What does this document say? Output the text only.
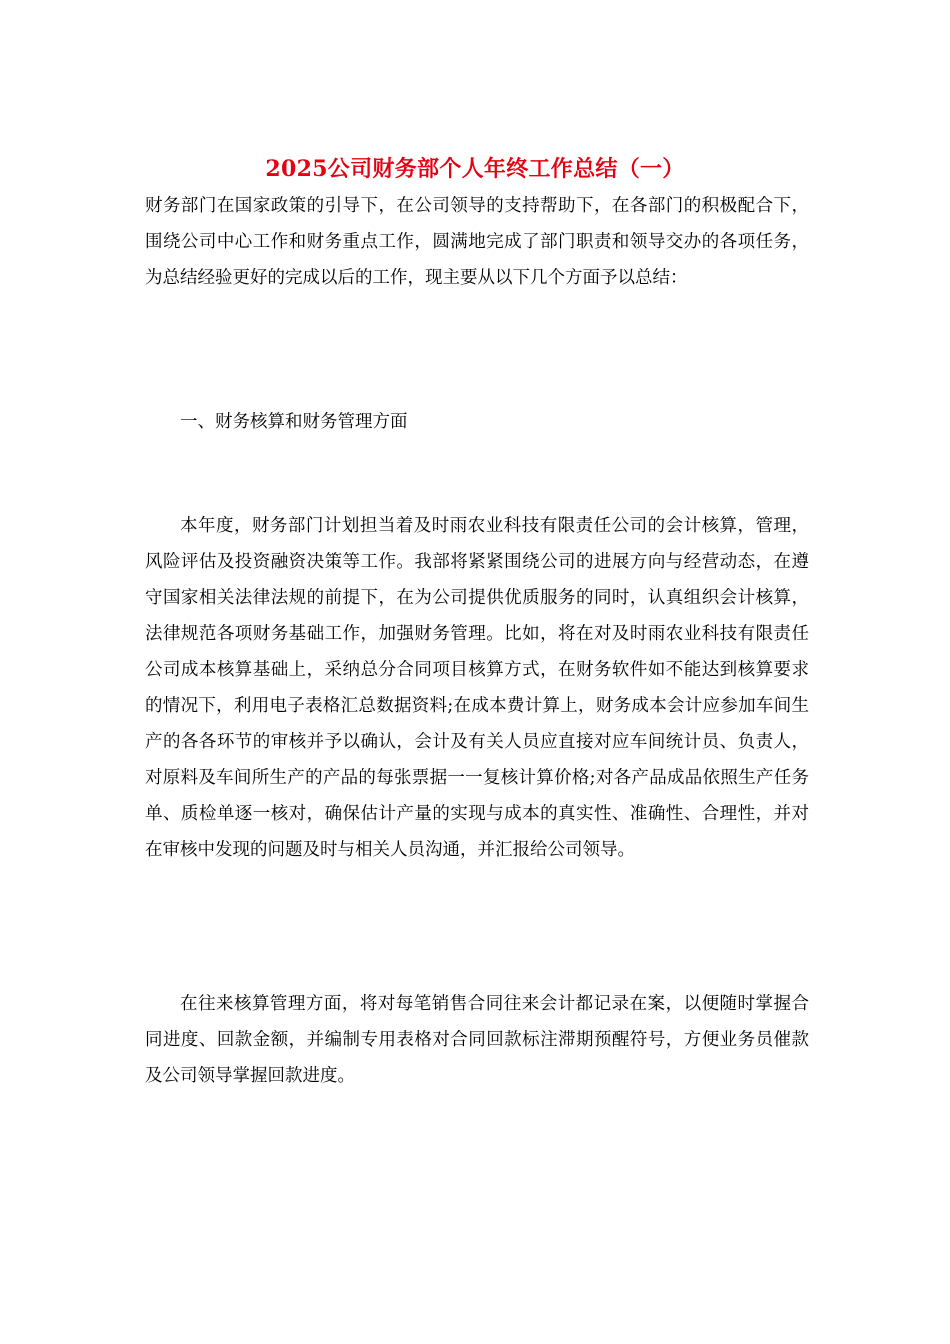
2025公司财务部个人年终工作总结（一）

财务部门在国家政策的引导下，在公司领导的支持帮助下，在各部门的积极配合下，围绕公司中心工作和财务重点工作，圆满地完成了部门职责和领导交办的各项任务，为总结经验更好的完成以后的工作，现主要从以下几个方面予以总结：

一、财务核算和财务管理方面

本年度，财务部门计划担当着及时雨农业科技有限责任公司的会计核算，管理，风险评估及投资融资决策等工作。我部将紧紧围绕公司的进展方向与经营动态，在遵守国家相关法律法规的前提下，在为公司提供优质服务的同时，认真组织会计核算，法律规范各项财务基础工作，加强财务管理。比如，将在对及时雨农业科技有限责任公司成本核算基础上，采纳总分合同项目核算方式，在财务软件如不能达到核算要求的情况下，利用电子表格汇总数据资料;在成本费计算上，财务成本会计应参加车间生产的各各环节的审核并予以确认，会计及有关人员应直接对应车间统计员、负责人，对原料及车间所生产的产品的每张票据一一复核计算价格;对各产品成品依照生产任务单、质检单逐一核对，确保估计产量的实现与成本的真实性、准确性、合理性，并对在审核中发现的问题及时与相关人员沟通，并汇报给公司领导。

在往来核算管理方面，将对每笔销售合同往来会计都记录在案，以便随时掌握合同进度、回款金额，并编制专用表格对合同回款标注滞期预醒符号，方便业务员催款及公司领导掌握回款进度。
